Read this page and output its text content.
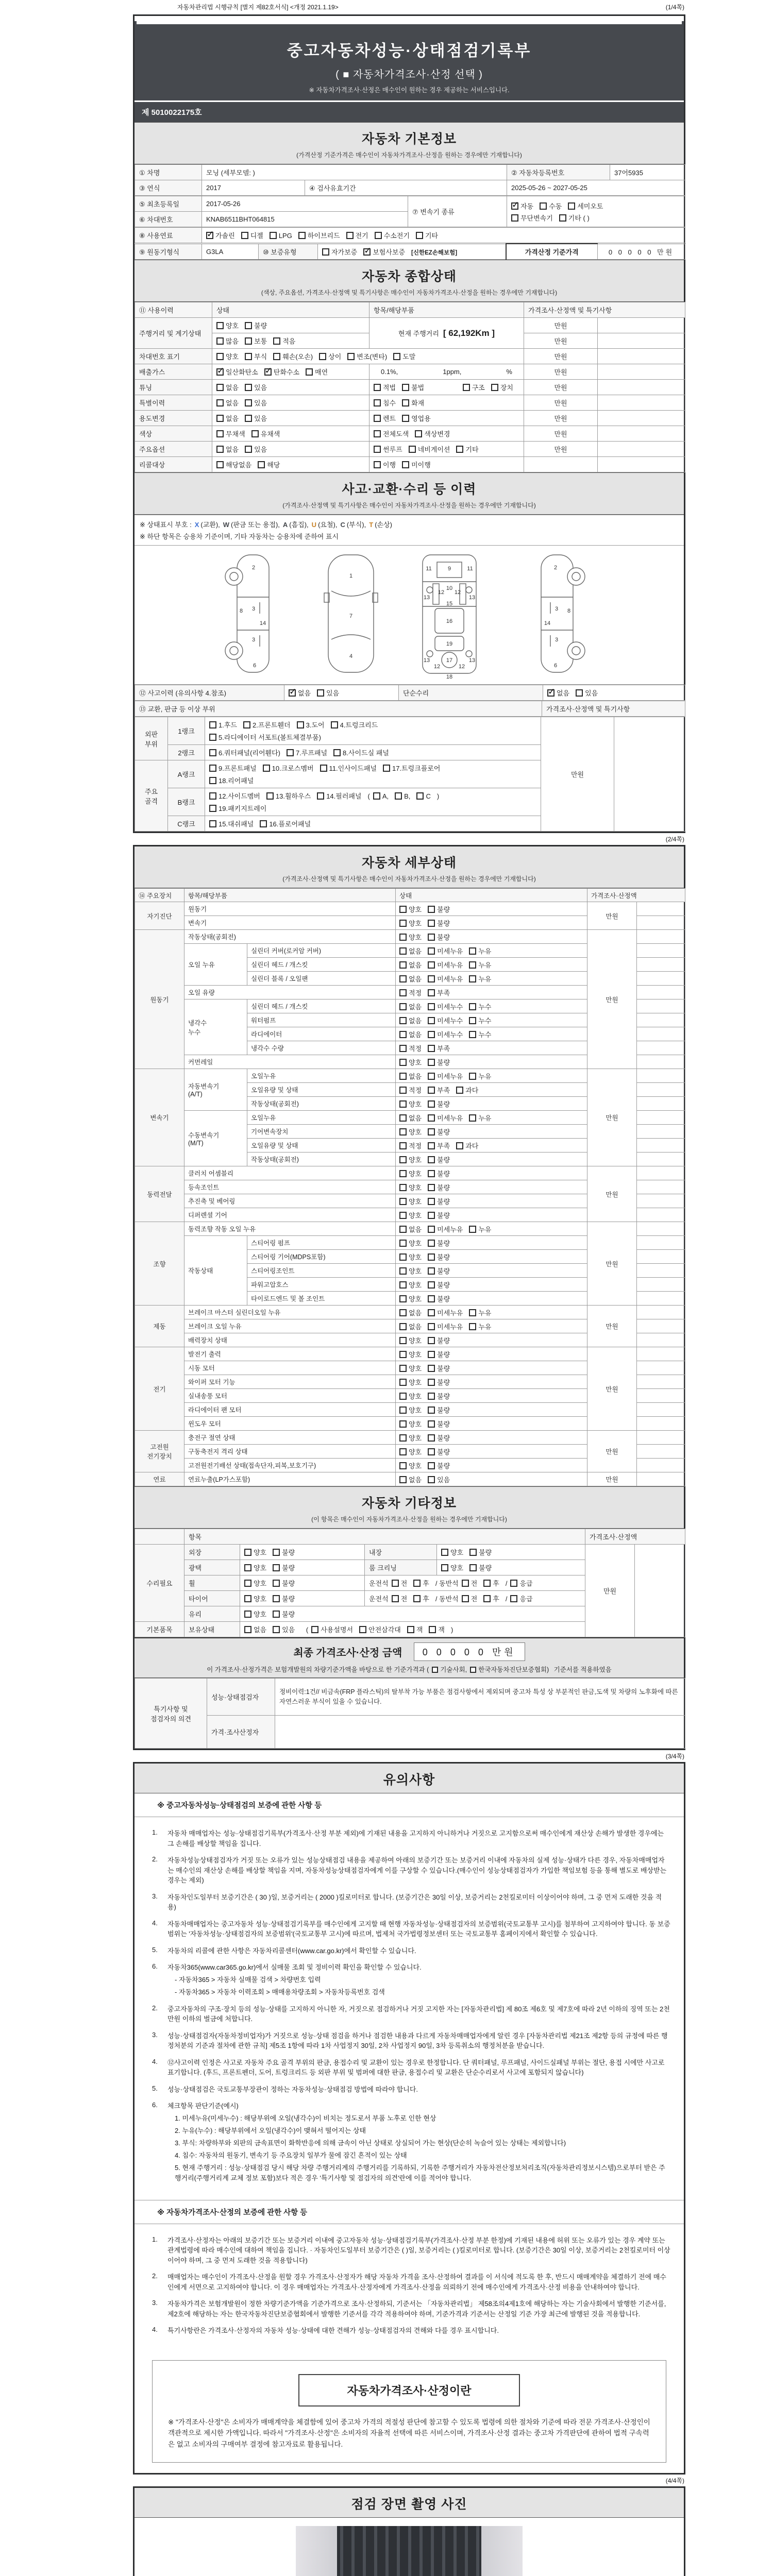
자동차관리법 시행규칙 [별지 제82호서식] <개정 2021.1.19>	(1/4쪽)
중고자동차성능·상태점검기록부
( ■ 자동차가격조사·산정 선택 )
※ 자동차가격조사·산정은 매수인이 원하는 경우 제공하는 서비스입니다.
제 5010022175호
자동차 기본정보
(가격산정 기준가격은 매수인이 자동차가격조사·산정을 원하는 경우에만 기재합니다)
① 차명	모닝 (세부모델: )		② 자동차등록번호	37어5935
③ 연식	2017	④ 검사유효기간	2025-05-26 ~ 2027-05-25	
⑤ 최초등록일	2017-05-26	⑦ 변속기 종류	
✓자동 수동 세미오토
무단변속기 기타 ( )

⑥ 차대번호	KNAB6511BHT064815		
⑧ 사용연료	✓가솔린 디젤 LPG 하이브리드 전기 수소전기 기타
⑨ 원동기형식	G3LA	⑩ 보증유형	자가보증 ✓ 보험사보증 [신한EZ손해보험]	가격산정 기준가격	0 0 0 0 0 만원
자동차 종합상태
(색상, 주요옵션, 가격조사·산정액 및 특기사항은 매수인이 자동차가격조사·산정을 원하는 경우에만 기재합니다)
⑪ 사용이력	상태	항목/해당부품	가격조사·산정액 및 특기사항	
주행거리 및 계기상태	양호 불량	현재 주행거리 [ 62,192Km ]	만원	
	많음 보통 적음		만원	
차대번호 표기	양호 부식 훼손(오손) 상이 변조(변타) 도말		만원	
배출가스	✓일산화탄소 ✓ 탄화수소 매연	0.1%, 1ppm, %	만원	
튜닝	없음 있음	적법 불법 구조 장치	만원	
특별이력	없음 있음	침수 화재	만원	
용도변경	없음 있음	렌트 영업용	만원	
색상	무채색 유채색	전체도색 색상변경	만원	
주요옵션	없음 있음	썬루프 네비게이션 기타	만원	
리콜대상	해당없음 해당	이행 미이행		

사고·교환·수리 등 이력
(가격조사·산정액 및 특기사항은 매수인이 자동차가격조사·산정을 원하는 경우에만 기재합니다)
※ 상태표시 부호 : X (교환), W (판금 또는 용접), A (흠집), U (요철), C (부식), T (손상)
※ 하단 항목은 승용차 기준이며, 기타 자동차는 승용차에 준하여 표시
2
8 3
14
3
6
1
7
4
11	9	11
13
12 12
13
10
15
16
19
13	13
12
17
12
18
2
3 8
14
3
6
⑫ 사고이력 (유의사항 4.참조)	✓없음 있음	단순수리	✓없음 있음
⑬ 교환, 판금 등 이상 부위	가격조사·산정액 및 특기사항
외판
부위	1랭크	
1.후드 2.프론트휀더 3.도어 4.트렁크리드
5.라디에이터 서포트(볼트체결부품)
	만원	
	2랭크	6.쿼터패널(리어휀다) 7.루프패널 8.사이드실 패널		

주요
골격	A랭크	
9.프론트패널 10.크로스멤버 11.인사이드패널 17.트렁크플로어
18.리어패널

	B랭크	12.사이드멤버 13.휠하우스 14.필러패널 ( A, B, C )
19.패키지트레이		

	C랭크	15.대쉬패널 16.플로어패널		
(2/4쪽)
자동차 세부상태
(가격조사·산정액 및 특기사항은 매수인이 자동차가격조사·산정을 원하는 경우에만 기재합니다)
⑭ 주요장치	항목/해당부품		상태	가격조사·산정액	
자기진단	원동기		양호 불량	만원	
	변속기		양호 불량		
원동기	작동상태(공회전)		양호 불량	만원	
	오일 누유	실린더 커버(로커암 커버)	없음 미세누유 누유		
		실린더 헤드 / 개스킷	없음 미세누유 누유		
		실린더 블록 / 오일팬	없음 미세누유 누유		
	오일 유량		적정 부족		
	냉각수
누수	실린더 헤드 / 개스킷	없음 미세누수 누수		
		워터펌프	없음 미세누수 누수		
		라디에이터	없음 미세누수 누수		
		냉각수 수량	적정 부족		
	커먼레일		양호 불량		
변속기	자동변속기
(A/T)	오일누유	없음 미세누유 누유	만원	
		오일유량 및 상태	적정 부족 과다		
		작동상태(공회전)	양호 불량		
	수동변속기
(M/T)	오일누유	없음 미세누유 누유		
		기어변속장치	양호 불량		
		오일유량 및 상태	적정 부족 과다		
		작동상태(공회전)	양호 불량		
동력전달	클러치 어셈블리		양호 불량	만원	
	등속조인트		양호 불량		
	추진축 및 베어링		양호 불량		
	디퍼렌셜 기어		양호 불량		
조향	동력조향 작동 오일 누유		없음 미세누유 누유	만원	
	작동상태	스티어링 펌프	양호 불량		
		스티어링 기어(MDPS포함)	양호 불량		
		스티어링조인트	양호 불량		
		파워고압호스	양호 불량		
		타이로드엔드 및 볼 조인트	양호 불량		
제동	브레이크 마스터 실린더오일 누유		없음 미세누유 누유	만원	
	브레이크 오일 누유		없음 미세누유 누유		
	배력장치 상태		양호 불량		
전기	발전기 출력		양호 불량	만원	
	시동 모터		양호 불량		
	와이퍼 모터 기능		양호 불량		
	실내송풍 모터		양호 불량		
	라디에이터 팬 모터		양호 불량		
	윈도우 모터		양호 불량		
고전원
전기장치	충전구 절연 상태		양호 불량	만원	
	구동축전지 격리 상태		양호 불량		
	고전원전기배선 상태(접속단자,피복,보호기구)		양호 불량		
연료	연료누출(LP가스포함)		없음 있음	만원	
자동차 기타정보
(이 항목은 매수인이 자동차가격조사·산정을 원하는 경우에만 기재합니다)
	항목				가격조사·산정액	
수리필요	외장	양호 불량	내장	양호 불량	만원	
	광택	양호 불량	룸 크리닝	양호 불량		
	휠	양호 불량	운전석 전 후 / 동반석 전 후 / 응급			
	타이어	양호 불량	운전석 전 후 / 동반석 전 후 / 응급			
	유리	양호 불량				
기본품목	보유상태	없음 있음 ( 사용설명서 안전삼각대 잭 잭 )				
최종 가격조사·산정 금액 0 0 0 0 0 만원
이 가격조사·산정가격은 보험개발원의 차량기준가액을 바탕으로 한 기준가격과 ( 기술사회, 한국자동차진단보증협회) 기준서를 적용하였음
특기사항 및
점검자의 의견	성능·상태점검자	정비이력:1건// 비금속(FRP 플라스틱)의 탈부착 가능 부품은 점검사항에서 제외되며 중고차 특성 상 부분적인 판금,도색 및 차량의 노후화에 따른 자연스러운 부식이 있을 수 있습니다.
	가격·조사산정자	
(3/4쪽)
유의사항
※ 중고자동차성능·상태점검의 보증에 관한 사항 등
1.	자동차 매매업자는 성능·상태점검기록부(가격조사·산정 부분 제외)에 기재된 내용을 고지하지 아니하거나 거짓으로 고지함으로써 매수인에게 재산상 손해가 발생한 경우에는 그 손해를 배상할 책임을 집니다.
2.	자동차성능상태점검자가 거짓 또는 오류가 있는 성능상태점검 내용을 제공하여 아래의 보증기간 또는 보증거리 이내에 자동차의 실제 성능·상태가 다른 경우, 자동차매매업자는 매수인의 재산상 손해를 배상할 책임을 지며, 자동차성능상태점검자에게 이를 구상할 수 있습니다.(매수인이 성능상태점검자가 가입한 책임보험 등을 통해 별도로 배상받는 경우는 제외)
3.	자동차인도일부터 보증기간은 ( 30 )일, 보증거리는 ( 2000 )킬로미터로 합니다. (보증기간은 30일 이상, 보증거리는 2천킬로미터 이상이어야 하며, 그 중 먼저 도래한 것을 적용)
4.	자동차매매업자는 중고자동차 성능·상태점검기록부를 매수인에게 고지할 때 현행 자동차성능·상태점검자의 보증범위(국토교통부 고시)를 첨부하여 고지하여야 합니다. 동 보증범위는 '자동차성능·상태점검자의 보증범위'(국토교통부 고시)에 따르며, 법제처 국가법령정보센터 또는 국토교통부 홈페이지에서 확인할 수 있습니다.
5.	자동차의 리콜에 관한 사항은 자동차리콜센터(www.car.go.kr)에서 확인할 수 있습니다.
6.	자동차365(www.car365.go.kr)에서 실매물 조회 및 정비이력 확인을 확인할 수 있습니다.
- 자동차365 > 자동차 실매물 검색 > 차량번호 입력
- 자동차365 > 자동차 이력조회 > 매매용차량조회 > 자동차등록번호 검색
2.	중고자동차의 구조·장치 등의 성능·상태를 고지하지 아니한 자, 거짓으로 점검하거나 거짓 고지한 자는 [자동차관리법] 제 80조 제6호 및 제7호에 따라 2년 이하의 징역 또는 2천만원 이하의 벌금에 처합니다.
3.	성능·상태점검자(자동차정비업자)가 거짓으로 성능·상태 점검을 하거나 점검한 내용과 다르게 자동차매매업자에게 알린 경우 [자동차관리법 제21조 제2항 등의 규정에 따른 행정처분의 기준과 절차에 관한 규칙] 제5조 1항에 따라 1차 사업정지 30일, 2차 사업정지 90일, 3차 등록취소의 행정처분을 받습니다.
4.	⑫사고이력 인정은 사고로 자동차 주요 골격 부위의 판금, 용접수리 및 교환이 있는 경우로 한정합니다. 단 쿼터패널, 루프패널, 사이드실패널 부위는 절단, 용접 시에만 사고로 표기합니다. (후드, 프론트펜더, 도어, 트렁크리드 등 외판 부위 및 범퍼에 대한 판금, 용접수리 및 교환은 단순수리로서 사고에 포함되지 않습니다)
5.	성능·상태점검은 국토교통부장관이 정하는 자동차성능·상태점검 방법에 따라야 합니다.
6.	체크항목 판단기준(예시)
1. 미세누유(미세누수) : 해당부위에 오일(냉각수)이 비치는 정도로서 부품 노후로 인한 현상
2. 누유(누수) : 해당부위에서 오일(냉각수)이 맺혀서 떨어지는 상태
3. 부식: 차량하부와 외판의 금속표면이 화학반응에 의해 금속이 아닌 상태로 상실되어 가는 현상(단순히 녹슬어 있는 상태는 제외합니다)
4. 침수: 자동차의 원동기, 변속기 등 주요장치 일부가 물에 잠긴 흔적이 있는 상태
5. 현재 주행거리 : 성능·상태점검 당시 해당 차량 주행거리계의 주행거리를 기록하되, 기록한 주행거리가 자동차전산정보처리조직(자동차관리정보시스템)으로부터 받은 주행거리(주행거리계 교체 정보 포함)보다 적은 경우 '특기사항 및 점검자의 의견'란에 이를 적어야 합니다.
※ 자동차가격조사·산정의 보증에 관한 사항 등
1.	가격조사·산정자는 아래의 보증기간 또는 보증거리 이내에 중고자동차 성능·상태점검기록부(가격조사·산정 부분 한정)에 기재된 내용에 허위 또는 오류가 있는 경우 계약 또는 관계법령에 따라 매수인에 대하여 책임을 집니다. · 자동차인도일부터 보증기간은 ( )일, 보증거리는 ( )킬로미터로 합니다. (보증기간은 30일 이상, 보증거리는 2천킬로미터 이상이어야 하며, 그 중 먼저 도래한 것을 적용합니다)
2.	매매업자는 매수인이 가격조사·산정을 원할 경우 가격조사·산정자가 해당 자동차 가격을 조사·산정하여 결과를 이 서식에 적도록 한 후, 반드시 매매계약을 체결하기 전에 매수인에게 서면으로 고지하여야 합니다. 이 경우 매매업자는 가격조사·산정자에게 가격조사·산정을 의뢰하기 전에 매수인에게 가격조사·산정 비용을 안내하여야 합니다.
3.	자동차가격은 보험개발원이 정한 차량기준가액을 기준가격으로 조사·산정하되, 기준서는 「자동차관리법」 제58조의4제1호에 해당하는 자는 기술사회에서 발행한 기준서를, 제2호에 해당하는 자는 한국자동차진단보증협회에서 발행한 기준서를 각각 적용하여야 하며, 기준가격과 기준서는 산정일 기준 가장 최근에 발행된 것을 적용합니다.
4.	특기사항란은 가격조사·산정자의 자동차 성능·상태에 대한 견해가 성능·상태점검자의 견해와 다를 경우 표시합니다.
자동차가격조사·산정이란
※ "가격조사·산정"은 소비자가 매매계약을 체결함에 있어 중고차 가격의 적절성 판단에 참고할 수 있도록 법령에 의한 절차와 기준에 따라 전문 가격조사·산정인이 객관적으로 제시한 가액입니다. 따라서 "가격조사·산정"은 소비자의 자율적 선택에 따른 서비스이며, 가격조사·산정 결과는 중고차 가격판단에 관하여 법적 구속력은 없고 소비자의 구매여부 결정에 참고자료로 활용됩니다.
(4/4쪽)
점검 장면 촬영 사진
